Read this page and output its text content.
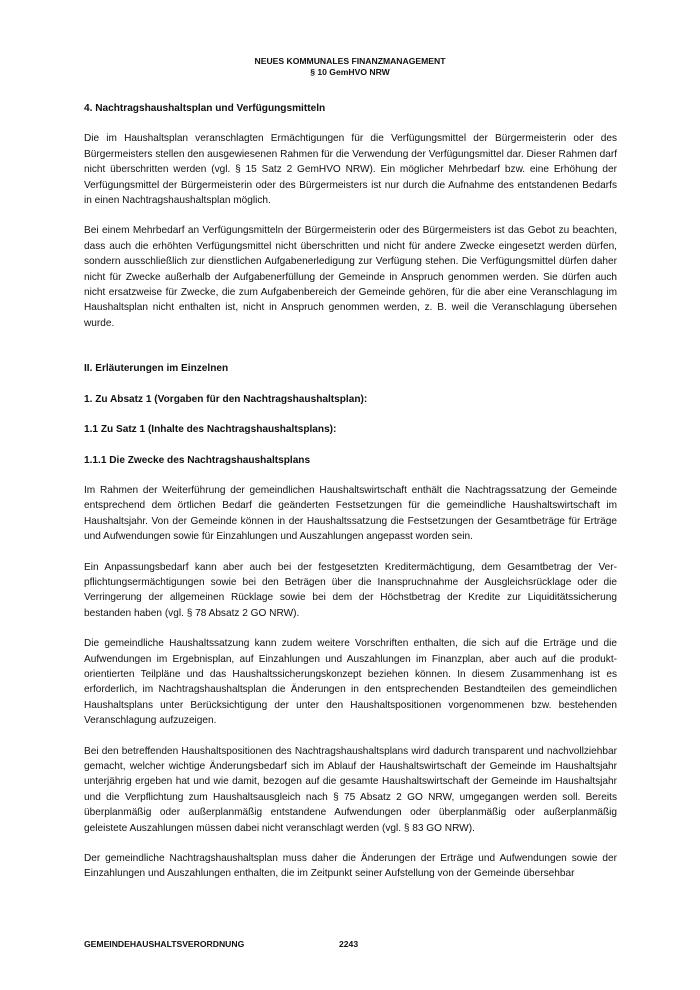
NEUES KOMMUNALES FINANZMANAGEMENT
§ 10 GemHVO NRW
4. Nachtragshaushaltsplan und Verfügungsmitteln

Die im Haushaltsplan veranschlagten Ermächtigungen für die Verfügungsmittel der Bürgermeisterin oder des Bürgermeisters stellen den ausgewiesenen Rahmen für die Verwendung der Verfügungsmittel dar. Dieser Rahmen darf nicht überschritten werden (vgl. § 15 Satz 2 GemHVO NRW). Ein möglicher Mehrbedarf bzw. eine Erhöhung der Verfügungsmittel der Bürgermeisterin oder des Bürgermeisters ist nur durch die Aufnahme des entstandenen Bedarfs in einen Nachtragshaushaltsplan möglich.

Bei einem Mehrbedarf an Verfügungsmitteln der Bürgermeisterin oder des Bürgermeisters ist das Gebot zu beachten, dass auch die erhöhten Verfügungsmittel nicht überschritten und nicht für andere Zwecke eingesetzt werden dürfen, sondern ausschließlich zur dienstlichen Aufgabenerledigung zur Verfügung stehen. Die Verfügungsmittel dürfen daher nicht für Zwecke außerhalb der Aufgabenerfüllung der Gemeinde in Anspruch genommen werden. Sie dürfen auch nicht ersatzweise für Zwecke, die zum Aufgabenbereich der Gemeinde gehören, für die aber eine Veranschlagung im Haushaltsplan nicht enthalten ist, nicht in Anspruch genommen werden, z. B. weil die Veranschlagung übersehen wurde.

II. Erläuterungen im Einzelnen
1. Zu Absatz 1 (Vorgaben für den Nachtragshaushaltsplan):
1.1 Zu Satz 1 (Inhalte des Nachtragshaushaltsplans):
1.1.1 Die Zwecke des Nachtragshaushaltsplans

Im Rahmen der Weiterführung der gemeindlichen Haushaltswirtschaft enthält die Nachtragssatzung der Gemeinde entsprechend dem örtlichen Bedarf die geänderten Festsetzungen für die gemeindliche Haushaltswirtschaft im Haushaltsjahr. Von der Gemeinde können in der Haushaltssatzung die Festsetzungen der Gesamtbeträge für Erträge und Aufwendungen sowie für Einzahlungen und Auszahlungen angepasst worden sein.

Ein Anpassungsbedarf kann aber auch bei der festgesetzten Kreditermächtigung, dem Gesamtbetrag der Verpflichtungsermächtigungen sowie bei den Beträgen über die Inanspruchnahme der Ausgleichsrücklage oder die Verringerung der allgemeinen Rücklage sowie bei dem der Höchstbetrag der Kredite zur Liquiditätssicherung bestanden haben (vgl. § 78 Absatz 2 GO NRW).

Die gemeindliche Haushaltssatzung kann zudem weitere Vorschriften enthalten, die sich auf die Erträge und die Aufwendungen im Ergebnisplan, auf Einzahlungen und Auszahlungen im Finanzplan, aber auch auf die produktorientierten Teilpläne und das Haushaltssicherungskonzept beziehen können. In diesem Zusammenhang ist es erforderlich, im Nachtragshaushaltsplan die Änderungen in den entsprechenden Bestandteilen des gemeindlichen Haushaltsplans unter Berücksichtigung der unter den Haushaltspositionen vorgenommenen bzw. bestehenden Veranschlagung aufzuzeigen.

Bei den betreffenden Haushaltspositionen des Nachtragshaushaltsplans wird dadurch transparent und nachvollziehbar gemacht, welcher wichtige Änderungsbedarf sich im Ablauf der Haushaltswirtschaft der Gemeinde im Haushaltsjahr unterjährig ergeben hat und wie damit, bezogen auf die gesamte Haushaltswirtschaft der Gemeinde im Haushaltsjahr und die Verpflichtung zum Haushaltsausgleich nach § 75 Absatz 2 GO NRW, umgegangen werden soll. Bereits überplanmäßig oder außerplanmäßig entstandene Aufwendungen oder überplanmäßig oder außerplanmäßig geleistete Auszahlungen müssen dabei nicht veranschlagt werden (vgl. § 83 GO NRW).

Der gemeindliche Nachtragshaushaltsplan muss daher die Änderungen der Erträge und Aufwendungen sowie der Einzahlungen und Auszahlungen enthalten, die im Zeitpunkt seiner Aufstellung von der Gemeinde übersehbar

GEMEINDEHAUSHALTSVERORDNUNG	2243
